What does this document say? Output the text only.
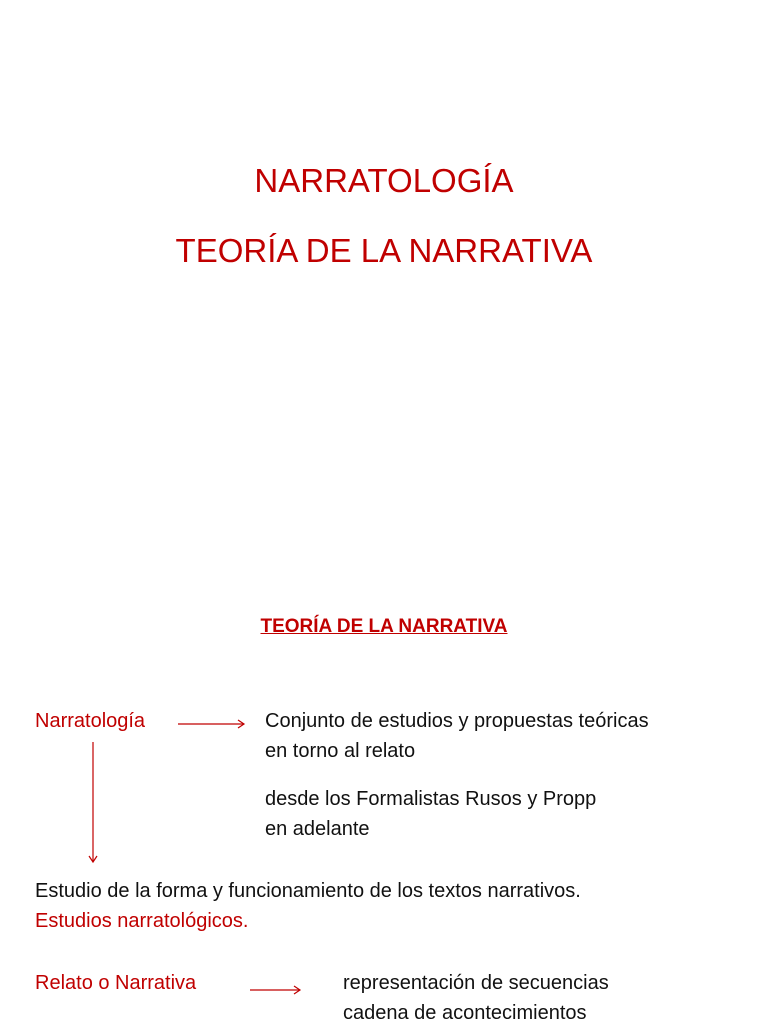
NARRATOLOGÍA
TEORÍA DE LA NARRATIVA
TEORÍA DE LA NARRATIVA
Narratología	Conjunto de estudios y propuestas teóricas
en torno al relato
desde los Formalistas Rusos y Propp
en adelante
Estudio de la forma y funcionamiento de los textos narrativos.
Estudios narratológicos.
Relato o Narrativa	representación de secuencias
cadena de acontecimientos
